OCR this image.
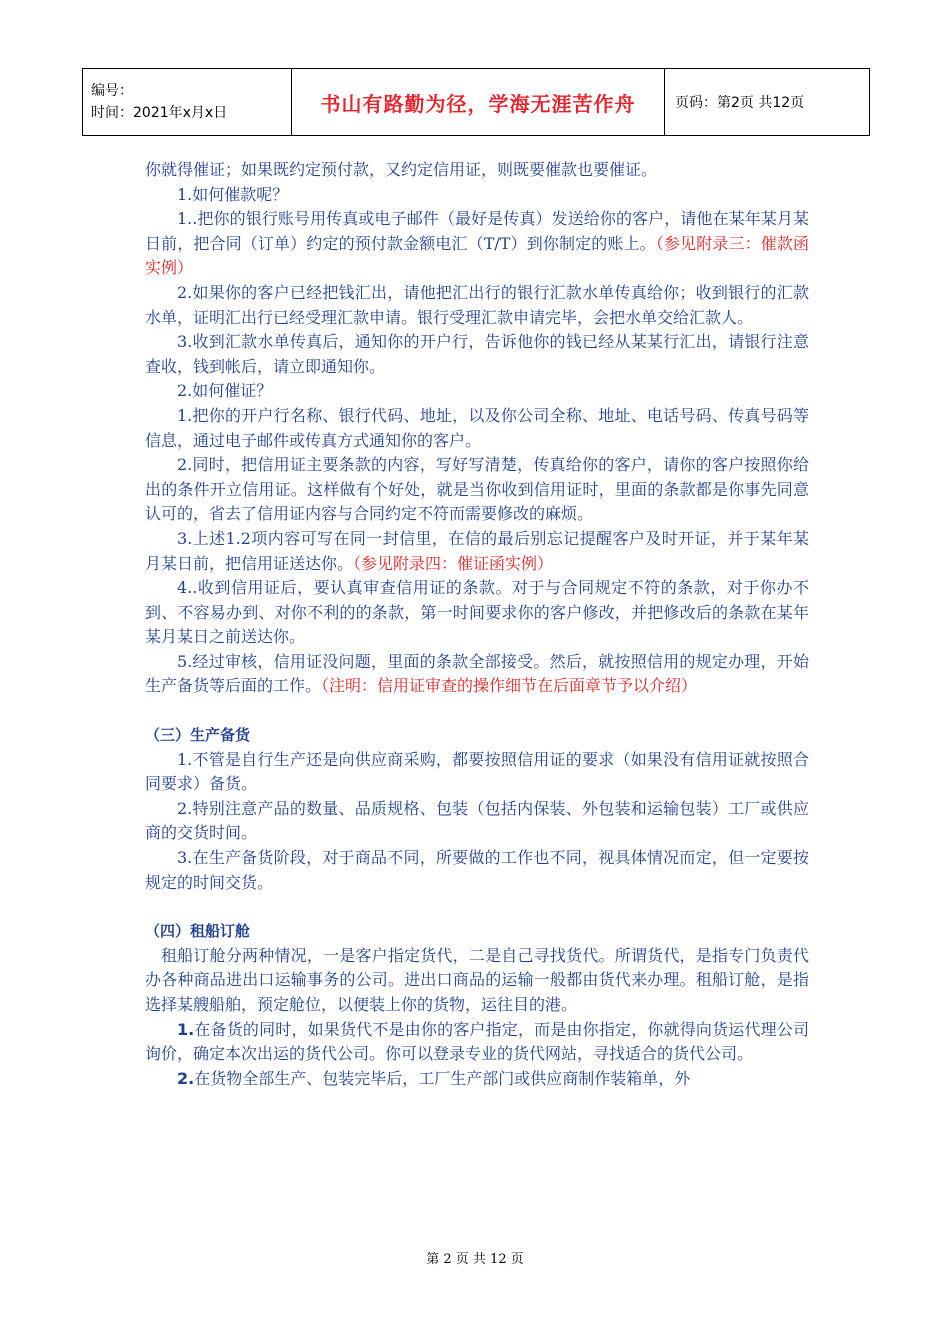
编号：
时间：2021年x月x日	书山有路勤为径，学海无涯苦作舟	页码：第2页 共12页

你就得催证；如果既约定预付款，又约定信用证，则既要催款也要催证。

1.如何催款呢？

1..把你的银行账号用传真或电子邮件（最好是传真）发送给你的客户，请他在某年某月某日前，把合同（订单）约定的预付款金额电汇（T/T）到你制定的账上。（参见附录三：催款函实例）

2.如果你的客户已经把钱汇出，请他把汇出行的银行汇款水单传真给你；收到银行的汇款水单，证明汇出行已经受理汇款申请。银行受理汇款申请完毕，会把水单交给汇款人。

3.收到汇款水单传真后，通知你的开户行，告诉他你的钱已经从某某行汇出，请银行注意查收，钱到帐后，请立即通知你。

2.如何催证？

1.把你的开户行名称、银行代码、地址，以及你公司全称、地址、电话号码、传真号码等信息，通过电子邮件或传真方式通知你的客户。

2.同时，把信用证主要条款的内容，写好写清楚，传真给你的客户，请你的客户按照你给出的条件开立信用证。这样做有个好处，就是当你收到信用证时，里面的条款都是你事先同意认可的，省去了信用证内容与合同约定不符而需要修改的麻烦。

3.上述1.2项内容可写在同一封信里，在信的最后别忘记提醒客户及时开证，并于某年某月某日前，把信用证送达你。（参见附录四：催证函实例）

4..收到信用证后，要认真审查信用证的条款。对于与合同规定不符的条款，对于你办不到、不容易办到、对你不利的的条款，第一时间要求你的客户修改，并把修改后的条款在某年某月某日之前送达你。

5.经过审核，信用证没问题，里面的条款全部接受。然后，就按照信用的规定办理，开始生产备货等后面的工作。（注明：信用证审查的操作细节在后面章节予以介绍）

（三）生产备货

1.不管是自行生产还是向供应商采购，都要按照信用证的要求（如果没有信用证就按照合同要求）备货。

2.特别注意产品的数量、品质规格、包装（包括内保装、外包装和运输包装）工厂或供应商的交货时间。

3.在生产备货阶段，对于商品不同，所要做的工作也不同，视具体情况而定，但一定要按规定的时间交货。

（四）租船订舱

租船订舱分两种情况，一是客户指定货代，二是自己寻找货代。所谓货代，是指专门负责代办各种商品进出口运输事务的公司。进出口商品的运输一般都由货代来办理。租船订舱，是指选择某艘船舶，预定舱位，以便装上你的货物，运往目的港。

1.在备货的同时，如果货代不是由你的客户指定，而是由你指定，你就得向货运代理公司询价，确定本次出运的货代公司。你可以登录专业的货代网站，寻找适合的货代公司。

2.在货物全部生产、包装完毕后，工厂生产部门或供应商制作装箱单，外

第 2 页 共 12 页
